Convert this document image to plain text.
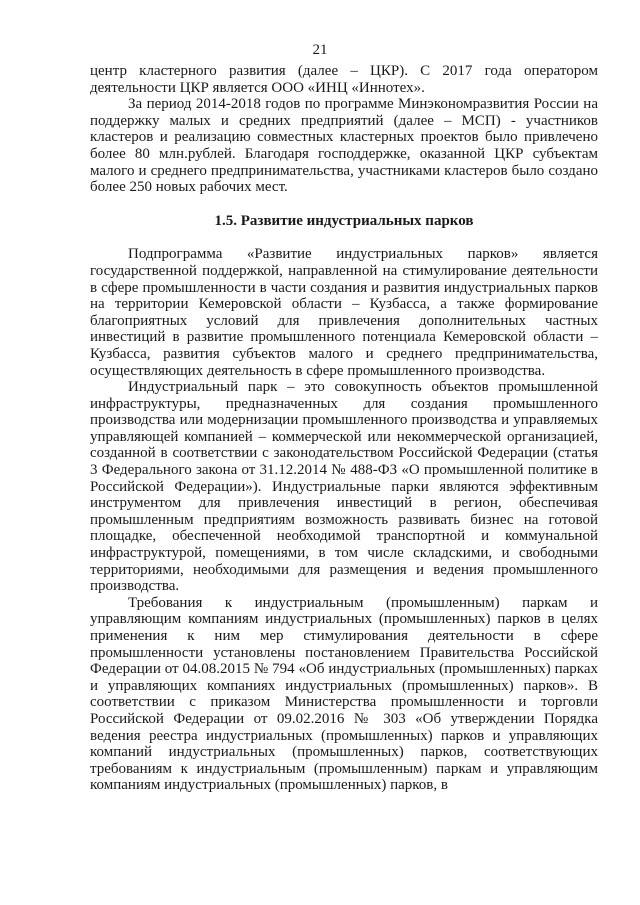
21

центр кластерного развития (далее – ЦКР). С 2017 года оператором деятельности ЦКР является ООО «ИНЦ «Иннотех».

За период 2014-2018 годов по программе Минэкономразвития России на поддержку малых и средних предприятий (далее – МСП) - участников кластеров и реализацию совместных кластерных проектов было привлечено более 80 млн.рублей. Благодаря господдержке, оказанной ЦКР субъектам малого и среднего предпринимательства, участниками кластеров было создано более 250 новых рабочих мест.

1.5. Развитие индустриальных парков

Подпрограмма «Развитие индустриальных парков» является государственной поддержкой, направленной на стимулирование деятельности в сфере промышленности в части создания и развития индустриальных парков на территории Кемеровской области – Кузбасса, а также формирование благоприятных условий для привлечения дополнительных частных инвестиций в развитие промышленного потенциала Кемеровской области – Кузбасса, развития субъектов малого и среднего предпринимательства, осуществляющих деятельность в сфере промышленного производства.

Индустриальный парк – это совокупность объектов промышленной инфраструктуры, предназначенных для создания промышленного производства или модернизации промышленного производства и управляемых управляющей компанией – коммерческой или некоммерческой организацией, созданной в соответствии с законодательством Российской Федерации (статья 3 Федерального закона от 31.12.2014 № 488-ФЗ «О промышленной политике в Российской Федерации»). Индустриальные парки являются эффективным инструментом для привлечения инвестиций в регион, обеспечивая промышленным предприятиям возможность развивать бизнес на готовой площадке, обеспеченной необходимой транспортной и коммунальной инфраструктурой, помещениями, в том числе складскими, и свободными территориями, необходимыми для размещения и ведения промышленного производства.

Требования к индустриальным (промышленным) паркам и управляющим компаниям индустриальных (промышленных) парков в целях применения к ним мер стимулирования деятельности в сфере промышленности установлены постановлением Правительства Российской Федерации от 04.08.2015 № 794 «Об индустриальных (промышленных) парках и управляющих компаниях индустриальных (промышленных) парков». В соответствии с приказом Министерства промышленности и торговли Российской Федерации от 09.02.2016 № 303 «Об утверждении Порядка ведения реестра индустриальных (промышленных) парков и управляющих компаний индустриальных (промышленных) парков, соответствующих требованиям к индустриальным (промышленным) паркам и управляющим компаниям индустриальных (промышленных) парков, в
